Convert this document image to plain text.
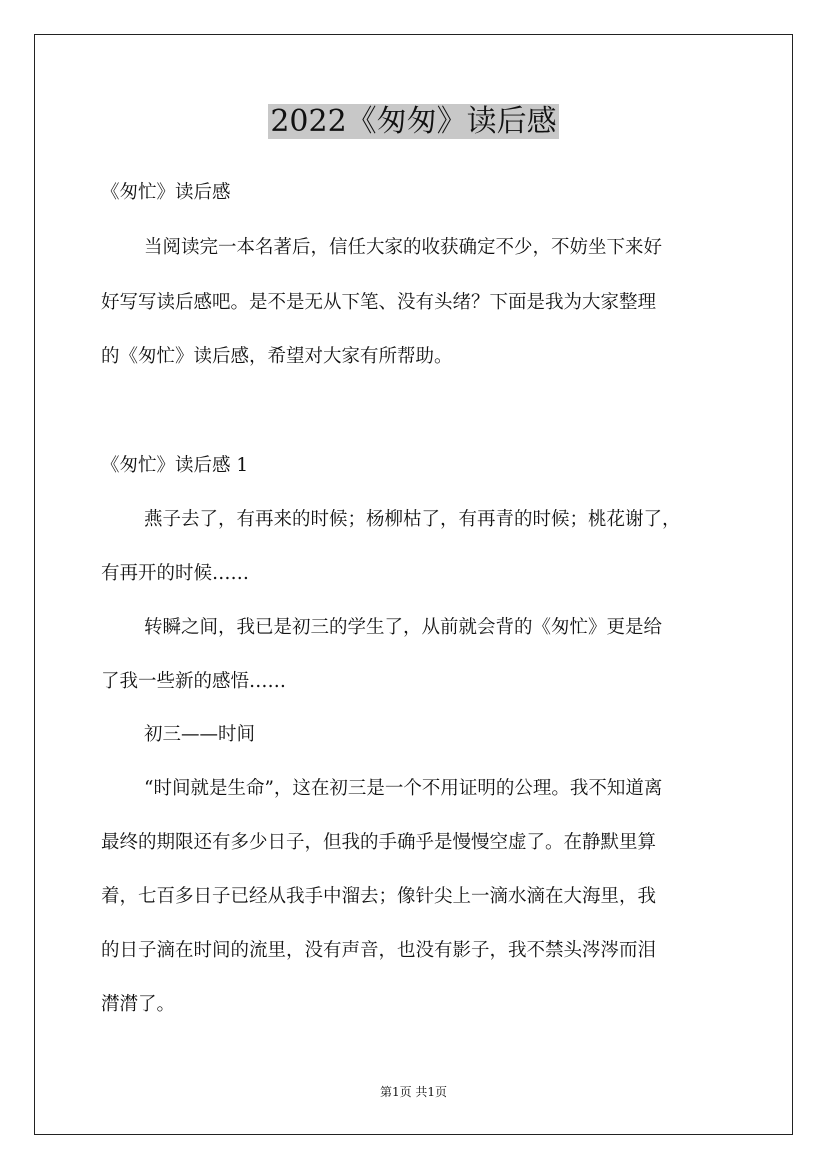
2022《匆匆》读后感
《匆忙》读后感
当阅读完一本名著后，信任大家的收获确定不少，不妨坐下来好
好写写读后感吧。是不是无从下笔、没有头绪？下面是我为大家整理
的《匆忙》读后感，希望对大家有所帮助。
《匆忙》读后感 1
燕子去了，有再来的时候；杨柳枯了，有再青的时候；桃花谢了，
有再开的时候……
转瞬之间，我已是初三的学生了，从前就会背的《匆忙》更是给
了我一些新的感悟……
初三——时间
“时间就是生命”，这在初三是一个不用证明的公理。我不知道离
最终的期限还有多少日子，但我的手确乎是慢慢空虚了。在静默里算
着，七百多日子已经从我手中溜去；像针尖上一滴水滴在大海里，我
的日子滴在时间的流里，没有声音，也没有影子，我不禁头涔涔而泪
潸潸了。
第1页 共1页
